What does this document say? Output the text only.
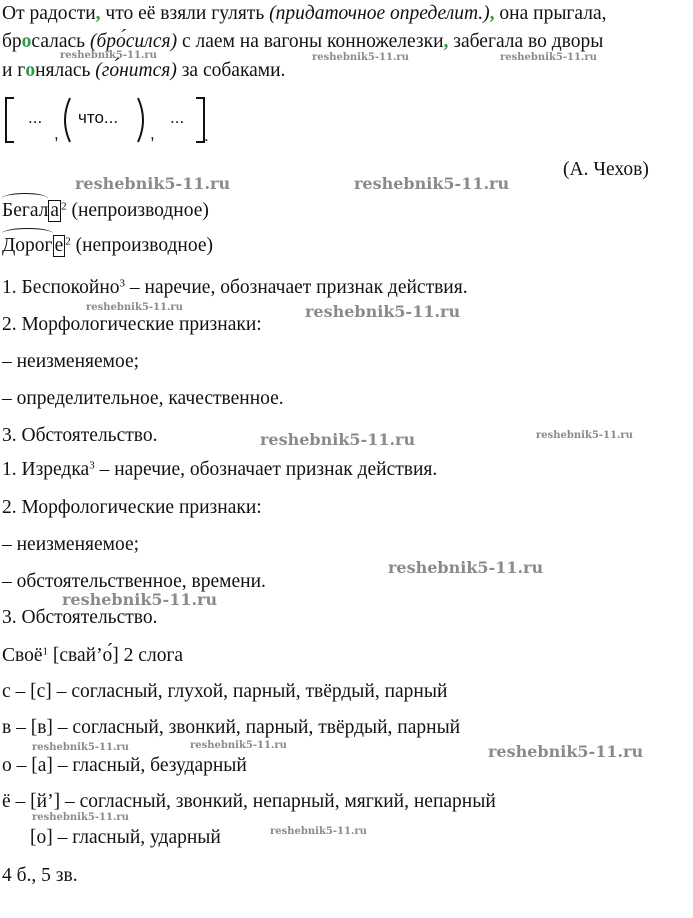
От радости, что её взяли гулять (придаточное определит.), она прыгала,
бросалась (бро́сился) с лаем на вагоны конножелезки, забегала во дворы
и гонялась (го́нится) за собаками.
...
,
что...
,
...
.
(А. Чехов)
Бегал а $^2$ (непроизводное)
Дорог е $^2$ (непроизводное)
1. Беспокойно$^3$ – наречие, обозначает признак действия.
2. Морфологические признаки:
– неизменяемое;
– определительное, качественное.
3. Обстоятельство.
1. Изредка$^3$ – наречие, обозначает признак действия.
2. Морфологические признаки:
– неизменяемое;
– обстоятельственное, времени.
3. Обстоятельство.
Своё$^1$ [свай’о́] 2 слога
с – [с] – согласный, глухой, парный, твёрдый, парный
в – [в] – согласный, звонкий, парный, твёрдый, парный
о – [а] – гласный, безударный
ё – [й’] – согласный, звонкий, непарный, мягкий, непарный
[о] – гласный, ударный
4 б., 5 зв.
reshebnik5-11.ru	reshebnik5-11.ru	reshebnik5-11.ru
reshebnik5-11.ru	reshebnik5-11.ru
reshebnik5-11.ru	reshebnik5-11.ru
reshebnik5-11.ru	reshebnik5-11.ru
reshebnik5-11.ru
reshebnik5-11.ru
reshebnik5-11.ru	reshebnik5-11.ru	reshebnik5-11.ru
reshebnik5-11.ru
reshebnik5-11.ru
